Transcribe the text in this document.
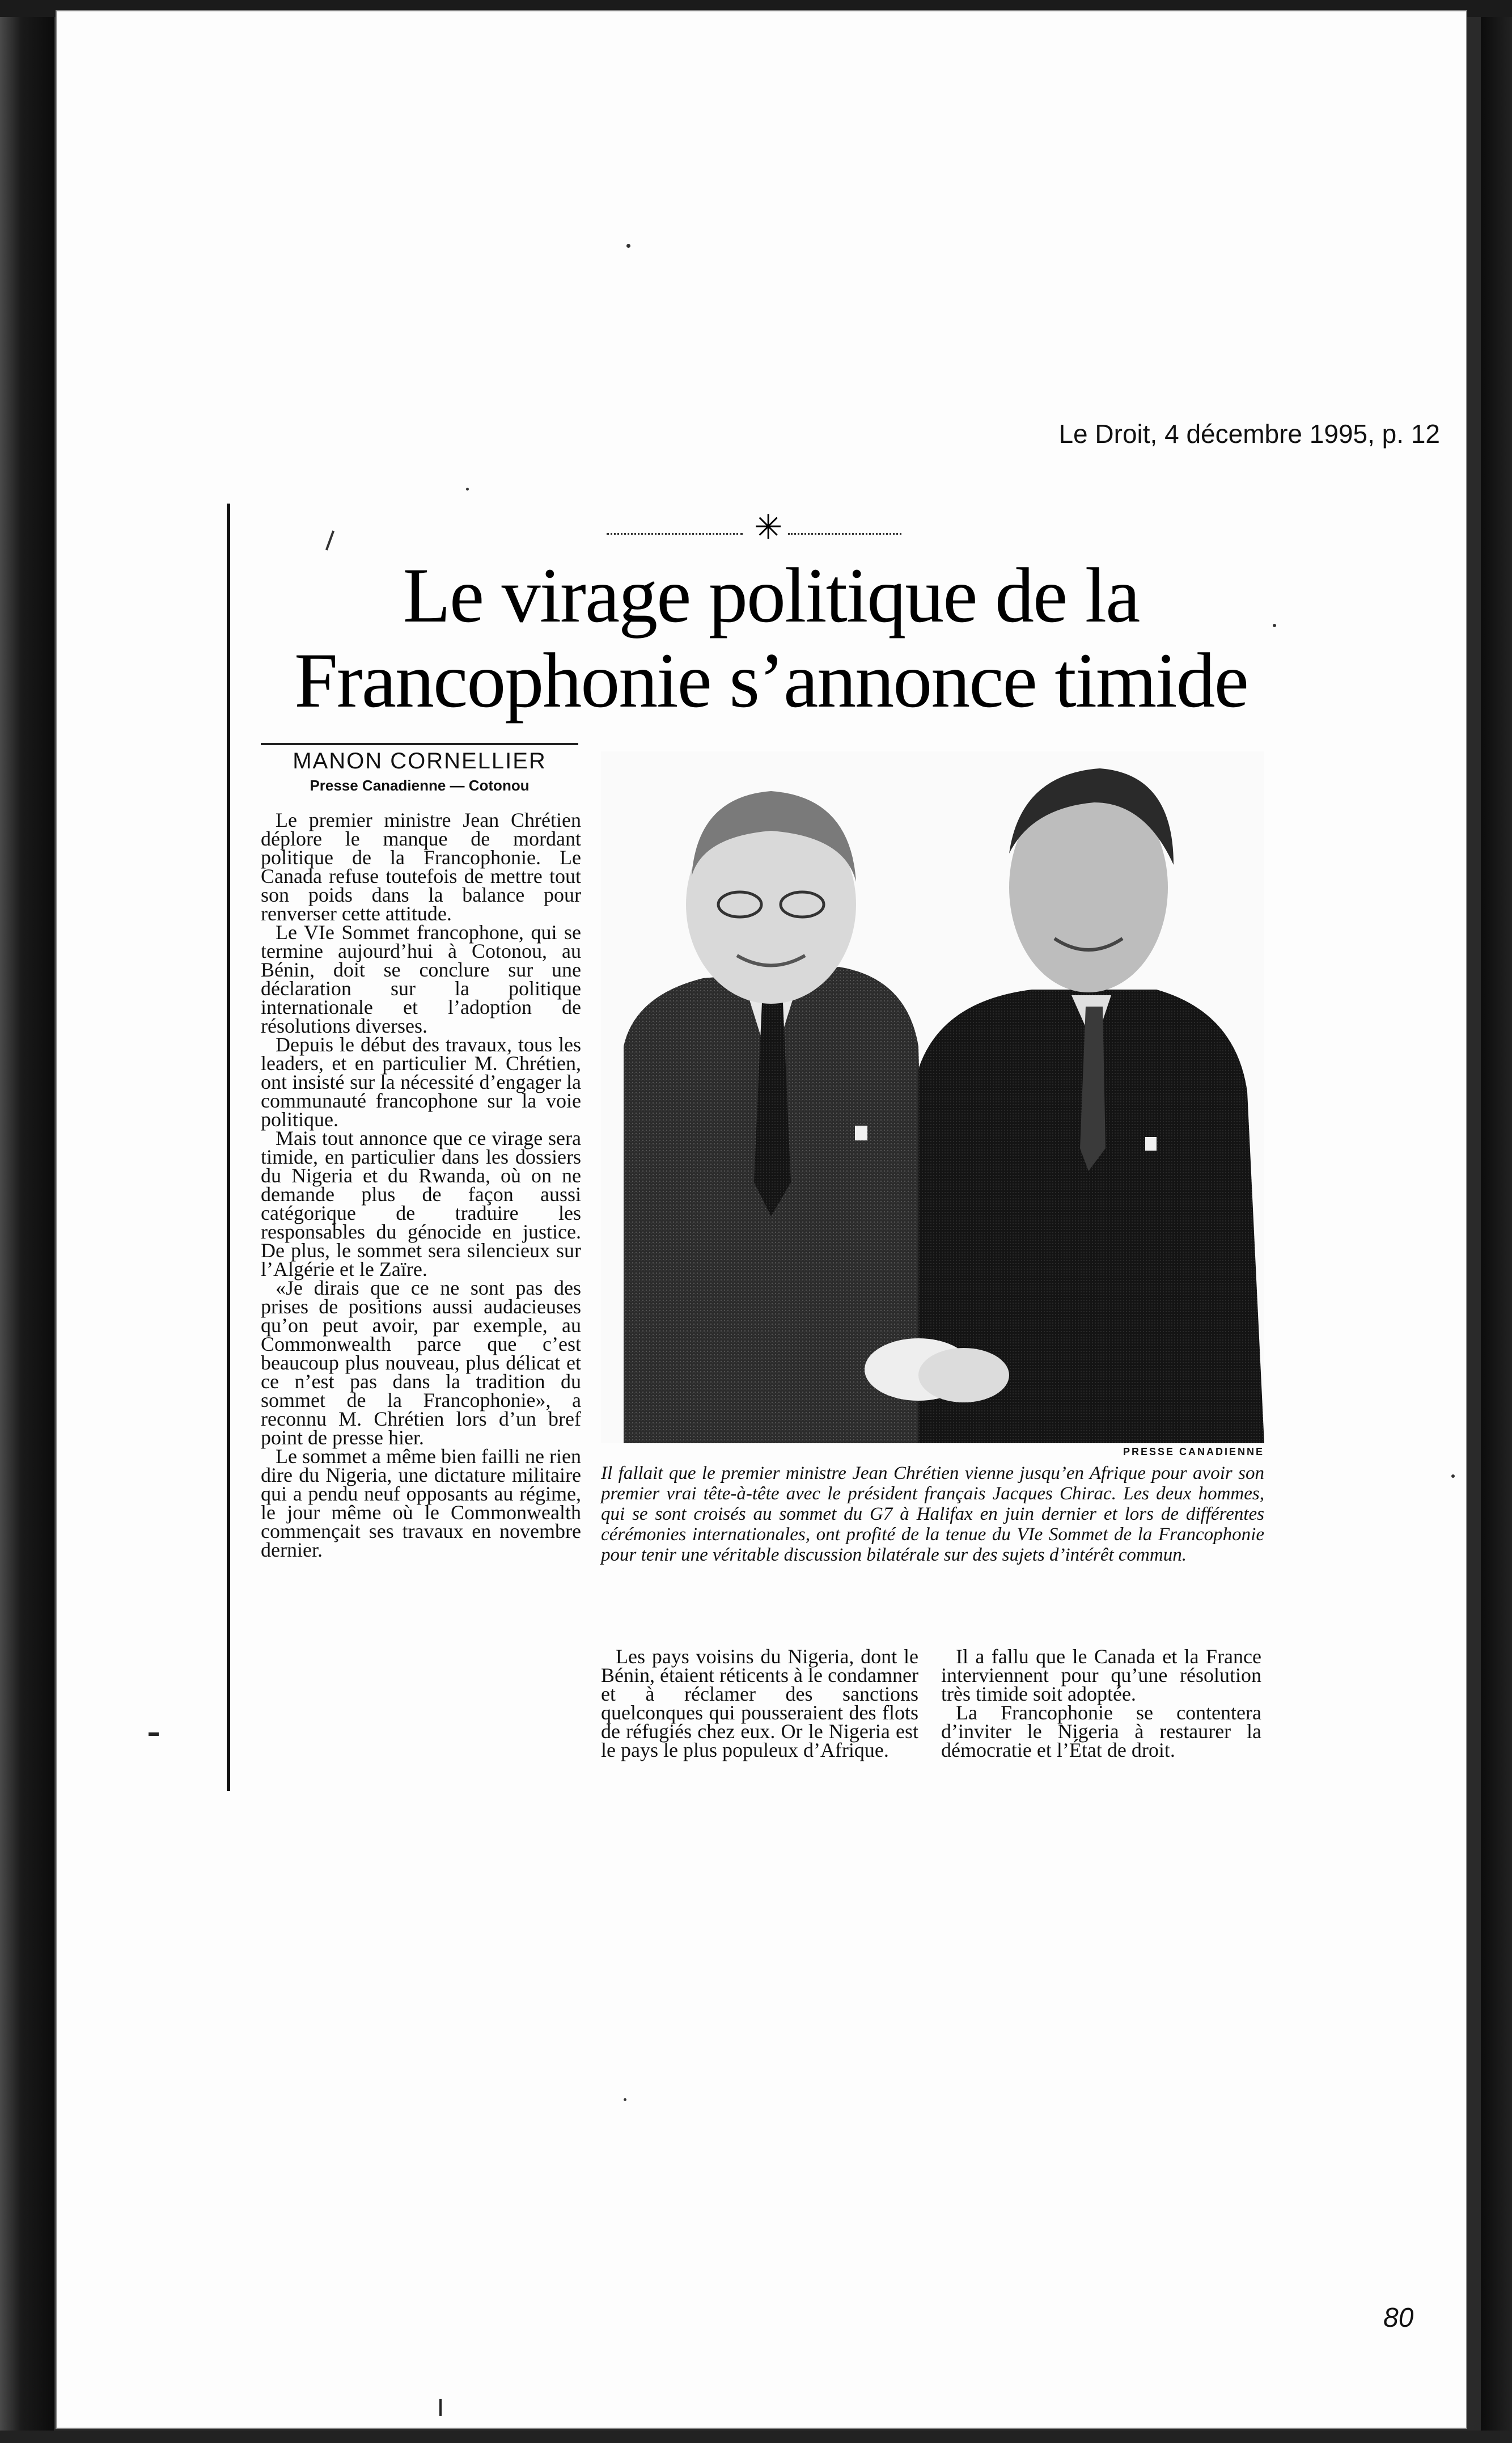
Le Droit, 4 décembre 1995, p. 12
✳
Le virage politique de la
Francophonie s’annonce timide
MANON CORNELLIER
Presse Canadienne — Cotonou

Le premier ministre Jean Chrétien déplore le manque de mordant politique de la Francophonie. Le Canada refuse toutefois de mettre tout son poids dans la balance pour renverser cette attitude.

Le VIe Sommet francophone, qui se termine aujourd’hui à Cotonou, au Bénin, doit se conclure sur une déclaration sur la politique internationale et l’adoption de résolutions diverses.

Depuis le début des travaux, tous les leaders, et en particulier M. Chrétien, ont insisté sur la nécessité d’engager la communauté francophone sur la voie politique.

Mais tout annonce que ce virage sera timide, en particulier dans les dossiers du Nigeria et du Rwanda, où on ne demande plus de façon aussi catégorique de traduire les responsables du génocide en justice. De plus, le sommet sera silencieux sur l’Algérie et le Zaïre.

«Je dirais que ce ne sont pas des prises de positions aussi audacieuses qu’on peut avoir, par exemple, au Commonwealth parce que c’est beaucoup plus nouveau, plus délicat et ce n’est pas dans la tradition du sommet de la Francophonie», a reconnu M. Chrétien lors d’un bref point de presse hier.

Le sommet a même bien failli ne rien dire du Nigeria, une dictature militaire qui a pendu neuf opposants au régime, le jour même où le Commonwealth commençait ses travaux en novembre dernier.

PRESSE CANADIENNE
Il fallait que le premier ministre Jean Chrétien vienne jusqu’en Afrique pour avoir son premier vrai tête-à-tête avec le président français Jacques Chirac. Les deux hommes, qui se sont croisés au sommet du G7 à Halifax en juin dernier et lors de différentes cérémonies internationales, ont profité de la tenue du VIe Sommet de la Francophonie pour tenir une véritable discussion bilatérale sur des sujets d’intérêt commun.

Les pays voisins du Nigeria, dont le Bénin, étaient réticents à le condamner et à réclamer des sanctions quelconques qui pousseraient des flots de réfugiés chez eux. Or le Nigeria est le pays le plus populeux d’Afrique.

Il a fallu que le Canada et la France interviennent pour qu’une résolution très timide soit adoptée.

La Francophonie se contentera d’inviter le Nigeria à restaurer la démocratie et l’État de droit.

80
